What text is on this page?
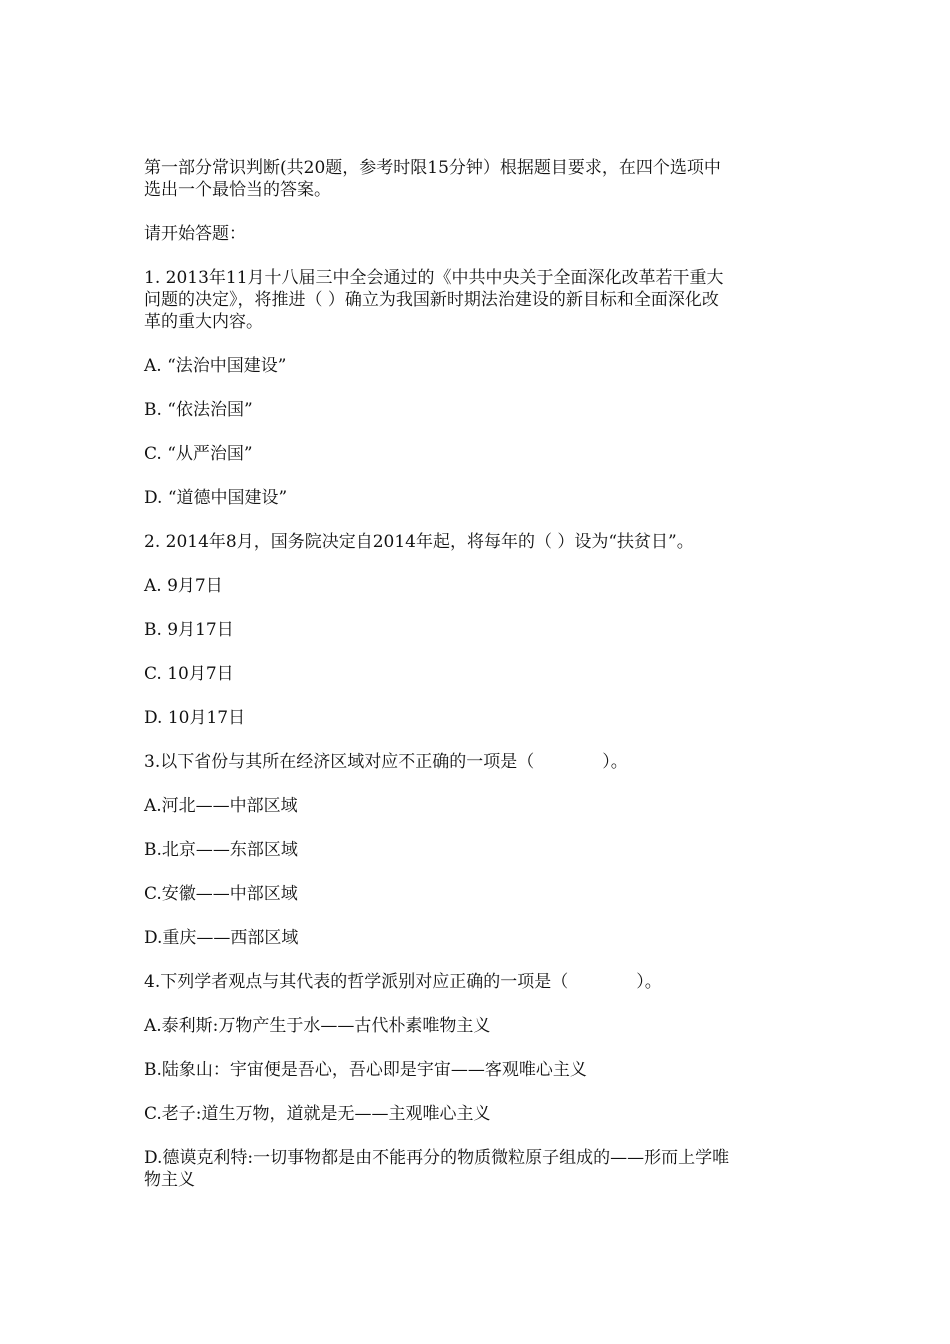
第一部分常识判断(共20题，参考时限15分钟）根据题目要求，在四个选项中

选出一个最恰当的答案。

请开始答题：

1. 2013年11月十八届三中全会通过的《中共中央关于全面深化改革若干重大

问题的决定》，将推进（ ）确立为我国新时期法治建设的新目标和全面深化改

革的重大内容。

A. “法治中国建设”

B. “依法治国”

C. “从严治国”

D. “道德中国建设”

2. 2014年8月，国务院决定自2014年起，将每年的（ ）设为“扶贫日”。

A. 9月7日

B. 9月17日

C. 10月7日

D. 10月17日

3.以下省份与其所在经济区域对应不正确的一项是（　　　　）。

A.河北——中部区域

B.北京——东部区域

C.安徽——中部区域

D.重庆——西部区域

4.下列学者观点与其代表的哲学派别对应正确的一项是（　　　　）。

A.泰利斯:万物产生于水——古代朴素唯物主义

B.陆象山：宇宙便是吾心，吾心即是宇宙——客观唯心主义

C.老子:道生万物，道就是无——主观唯心主义

D.德谟克利特:一切事物都是由不能再分的物质微粒原子组成的——形而上学唯

物主义
